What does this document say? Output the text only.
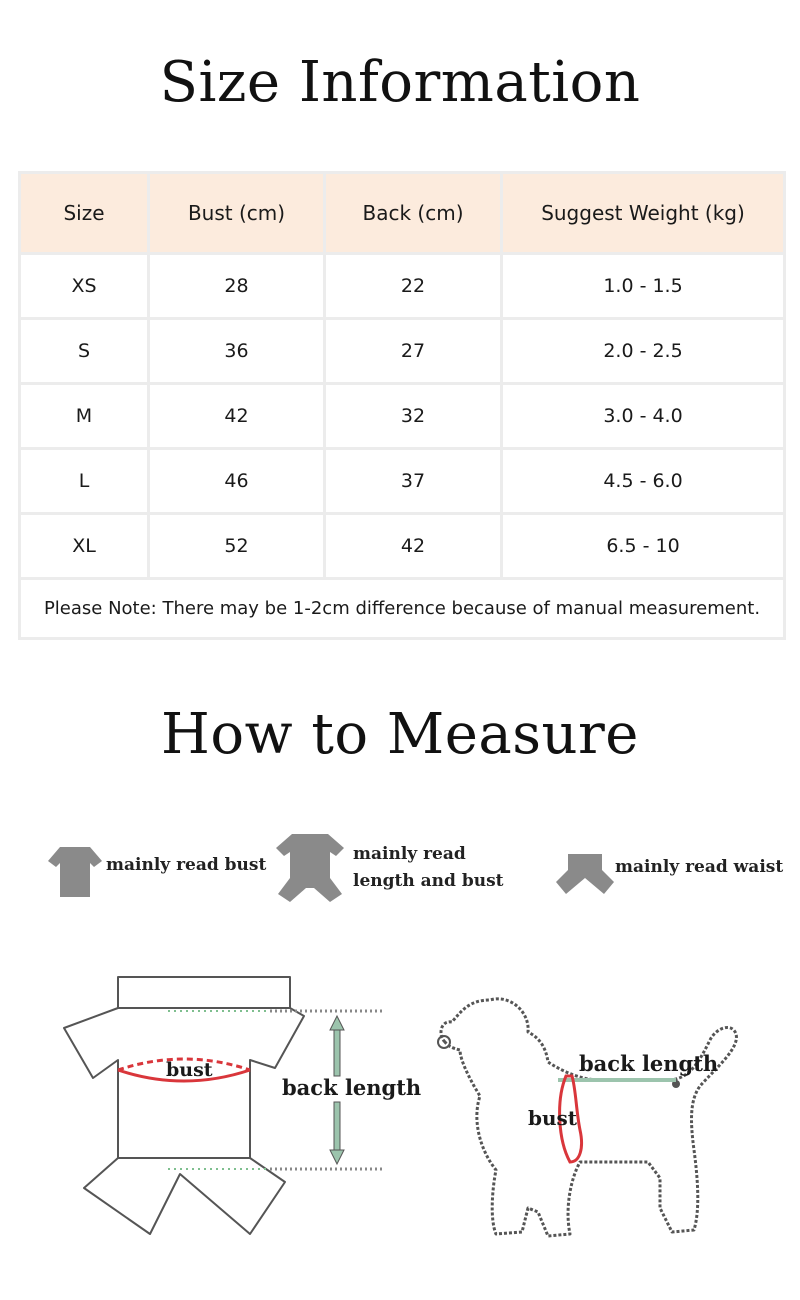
Size Information
Size	Bust (cm)	Back (cm)	Suggest Weight (kg)
XS	28	22	1.0 - 1.5
S	36	27	2.0 - 2.5
M	42	32	3.0 - 4.0
L	46	37	4.5 - 6.0
XL	52	42	6.5 - 10
Please Note: There may be 1-2cm difference because of manual measurement.			
How to Measure
mainly read bust
mainly read
length and bust
mainly read waist
bust
back length
back length
bust
